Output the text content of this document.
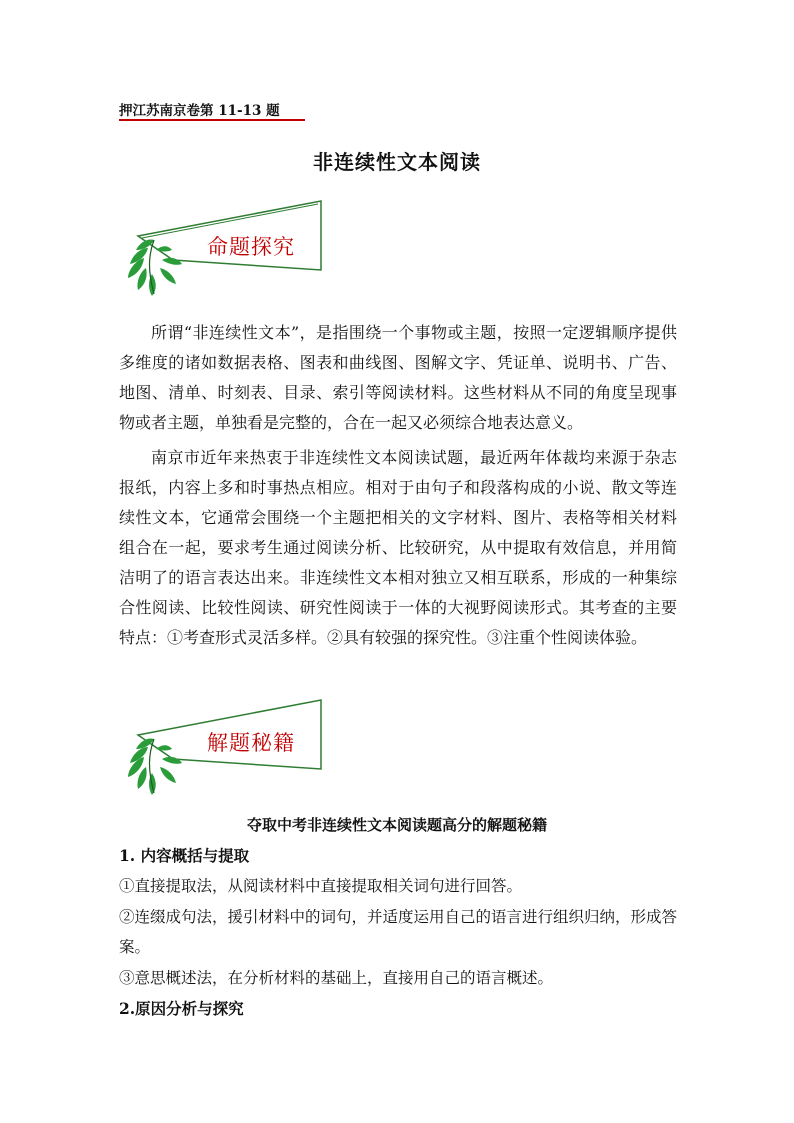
押江苏南京卷第 11-13 题

非连续性文本阅读
命题探究

所谓“非连续性文本”，是指围绕一个事物或主题，按照一定逻辑顺序提供多维度的诸如数据表格、图表和曲线图、图解文字、凭证单、说明书、广告、地图、清单、时刻表、目录、索引等阅读材料。这些材料从不同的角度呈现事物或者主题，单独看是完整的，合在一起又必须综合地表达意义。

南京市近年来热衷于非连续性文本阅读试题，最近两年体裁均来源于杂志报纸，内容上多和时事热点相应。相对于由句子和段落构成的小说、散文等连续性文本，它通常会围绕一个主题把相关的文字材料、图片、表格等相关材料组合在一起，要求考生通过阅读分析、比较研究，从中提取有效信息，并用简洁明了的语言表达出来。非连续性文本相对独立又相互联系，形成的一种集综合性阅读、比较性阅读、研究性阅读于一体的大视野阅读形式。其考查的主要特点：①考查形式灵活多样。②具有较强的探究性。③注重个性阅读体验。

解题秘籍

夺取中考非连续性文本阅读题高分的解题秘籍

1. 内容概括与提取

①直接提取法，从阅读材料中直接提取相关词句进行回答。

②连缀成句法，援引材料中的词句，并适度运用自己的语言进行组织归纳，形成答案。

③意思概述法，在分析材料的基础上，直接用自己的语言概述。

2.原因分析与探究
